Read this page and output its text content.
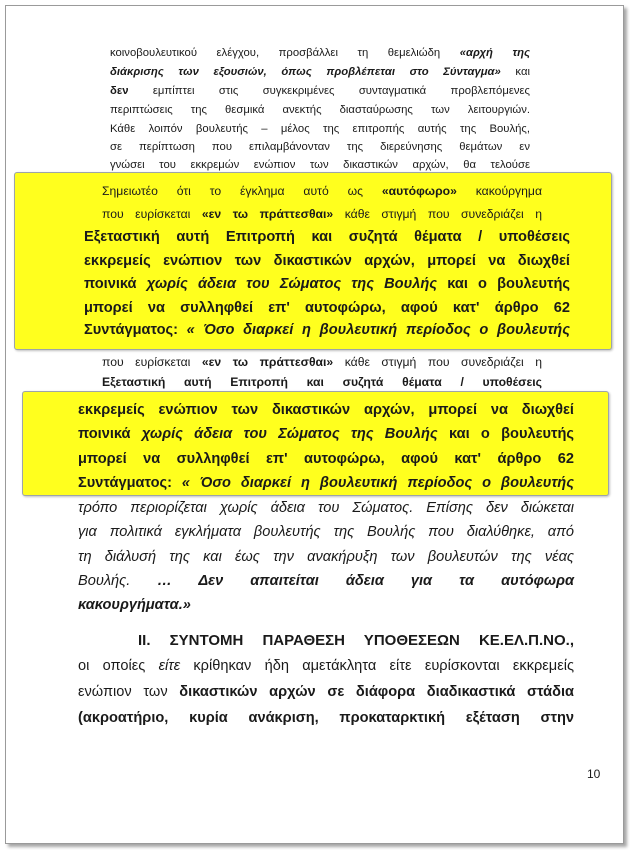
κοινοβουλευτικού ελέγχου, προσβάλλει τη θεμελιώδη «αρχή της

διάκρισης των εξουσιών, όπως προβλέπεται στο Σύνταγμα» και

δεν εμπίπτει στις συγκεκριμένες συνταγματικά προβλεπόμενες

περιπτώσεις της θεσμικά ανεκτής διασταύρωσης των λειτουργιών.

Κάθε λοιπόν βουλευτής – μέλος της επιτροπής αυτής της Βουλής,

σε περίπτωση που επιλαμβάνονταν της διερεύνησης θεμάτων εν

γνώσει του εκκρεμών ενώπιον των δικαστικών αρχών, θα τελούσε

Σημειωτέο ότι το έγκλημα αυτό ως «αυτόφωρο» κακούργημα

που ευρίσκεται «εν τω πράττεσθαι» κάθε στιγμή που συνεδριάζει η

Εξεταστική αυτή Επιτροπή και συζητά θέματα / υποθέσεις

εκκρεμείς ενώπιον των δικαστικών αρχών, μπορεί να διωχθεί

ποινικά χωρίς άδεια του Σώματος της Βουλής και ο βουλευτής

μπορεί να συλληφθεί επ' αυτοφώρω, αφού κατ' άρθρο 62

Συντάγματος: « Όσο διαρκεί η βουλευτική περίοδος ο βουλευτής

που ευρίσκεται «εν τω πράττεσθαι» κάθε στιγμή που συνεδριάζει η

Εξεταστική αυτή Επιτροπή και συζητά θέματα / υποθέσεις

εκκρεμείς ενώπιον των δικαστικών αρχών, μπορεί να διωχθεί

ποινικά χωρίς άδεια του Σώματος της Βουλής και ο βουλευτής

μπορεί να συλληφθεί επ' αυτοφώρω, αφού κατ' άρθρο 62

Συντάγματος: « Όσο διαρκεί η βουλευτική περίοδος ο βουλευτής

τρόπο περιορίζεται χωρίς άδεια του Σώματος. Επίσης δεν διώκεται

για πολιτικά εγκλήματα βουλευτής της Βουλής που διαλύθηκε, από

τη διάλυσή της και έως την ανακήρυξη των βουλευτών της νέας

Βουλής. … Δεν απαιτείται άδεια για τα αυτόφωρα

κακουργήματα.»

ΙΙ. ΣΥΝΤΟΜΗ ΠΑΡΑΘΕΣΗ ΥΠΟΘΕΣΕΩΝ ΚΕ.ΕΛ.Π.ΝΟ.,

οι οποίες είτε κρίθηκαν ήδη αμετάκλητα είτε ευρίσκονται εκκρεμείς

ενώπιον των δικαστικών αρχών σε διάφορα διαδικαστικά στάδια

(ακροατήριο, κυρία ανάκριση, προκαταρκτική εξέταση στην

10
